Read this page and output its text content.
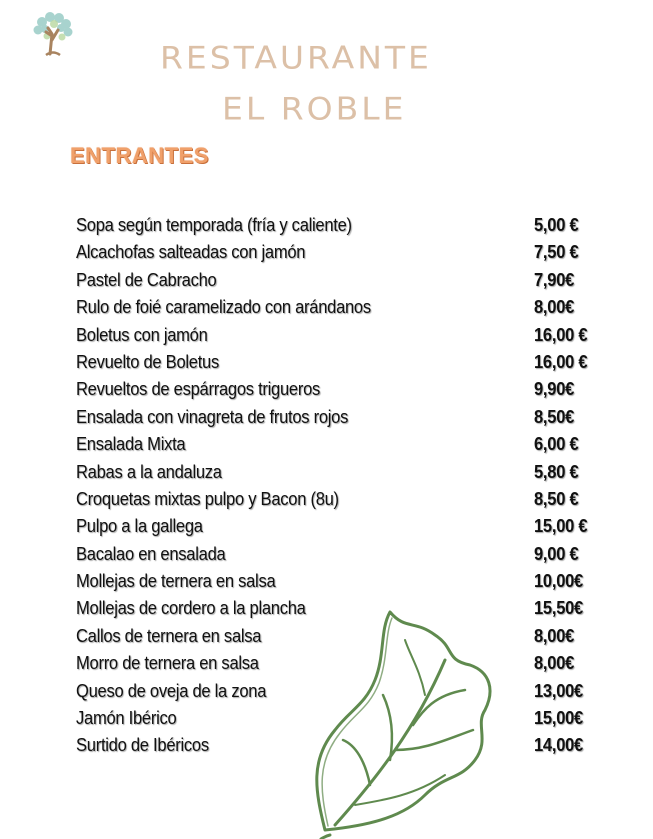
RESTAURANTE
EL ROBLE
ENTRANTES
Sopa según temporada (fría y caliente)	5,00 €
Alcachofas salteadas con jamón	7,50 €
Pastel de Cabracho	7,90€
Rulo de foié caramelizado con arándanos	8,00€
Boletus con jamón	16,00 €
Revuelto de Boletus	16,00 €
Revueltos de espárragos trigueros	9,90€
Ensalada con vinagreta de frutos rojos	8,50€
Ensalada Mixta	6,00 €
Rabas a la andaluza	5,80 €
Croquetas mixtas pulpo y Bacon (8u)	8,50 €
Pulpo a la gallega	15,00 €
Bacalao en ensalada	9,00 €
Mollejas de ternera en salsa	10,00€
Mollejas de cordero a la plancha	15,50€
Callos de ternera en salsa	8,00€
Morro de ternera en salsa	8,00€
Queso de oveja de la zona	13,00€
Jamón Ibérico	15,00€
Surtido de Ibéricos	14,00€
